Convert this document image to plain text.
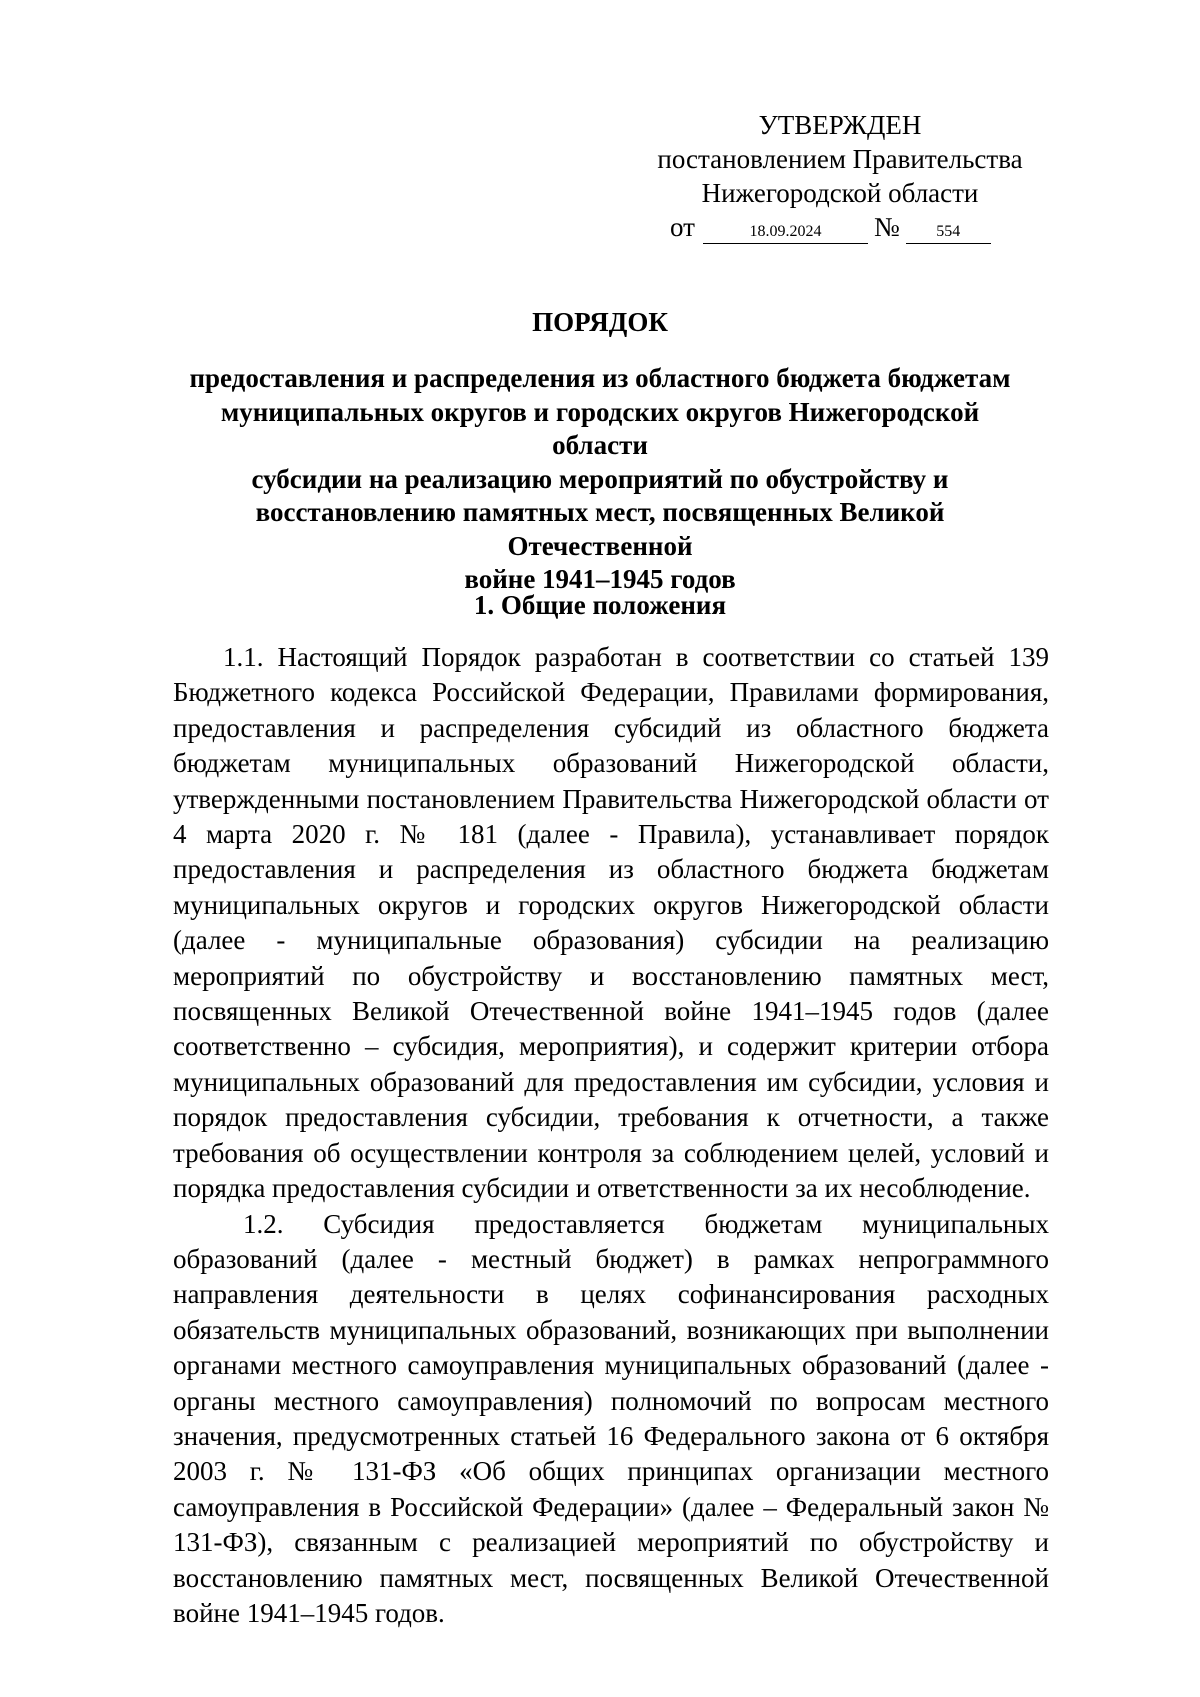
УТВЕРЖДЕН
постановлением Правительства
Нижегородской области
от	18.09.2024 № 554
ПОРЯДОК
предоставления и распределения из областного бюджета бюджетам
муниципальных округов и городских округов Нижегородской области
субсидии на реализацию мероприятий по обустройству и
восстановлению памятных мест, посвященных Великой Отечественной
войне 1941–1945 годов
1. Общие положения

1.1. Настоящий Порядок разработан в соответствии со статьей 139 Бюджетного кодекса Российской Федерации, Правилами формирования, предоставления и распределения субсидий из областного бюджета бюджетам муниципальных образований Нижегородской области, утвержденными постановлением Правительства Нижегородской области от 4 марта 2020 г. № 181 (далее - Правила), устанавливает порядок предоставления и распределения из областного бюджета бюджетам муниципальных округов и городских округов Нижегородской области (далее - муниципальные образования) субсидии на реализацию мероприятий по обустройству и восстановлению памятных мест, посвященных Великой Отечественной войне 1941–1945 годов (далее соответственно – субсидия, мероприятия), и содержит критерии отбора муниципальных образований для предоставления им субсидии, условия и порядок предоставления субсидии, требования к отчетности, а также требования об осуществлении контроля за соблюдением целей, условий и порядка предоставления субсидии и ответственности за их несоблюдение.

1.2. Субсидия предоставляется бюджетам муниципальных образований (далее - местный бюджет) в рамках непрограммного направления деятельности в целях софинансирования расходных обязательств муниципальных образований, возникающих при выполнении органами местного самоуправления муниципальных образований (далее - органы местного самоуправления) полномочий по вопросам местного значения, предусмотренных статьей 16 Федерального закона от 6 октября 2003 г. № 131-ФЗ «Об общих принципах организации местного самоуправления в Российской Федерации» (далее – Федеральный закон № 131-ФЗ), связанным с реализацией мероприятий по обустройству и восстановлению памятных мест, посвященных Великой Отечественной войне 1941–1945 годов.
